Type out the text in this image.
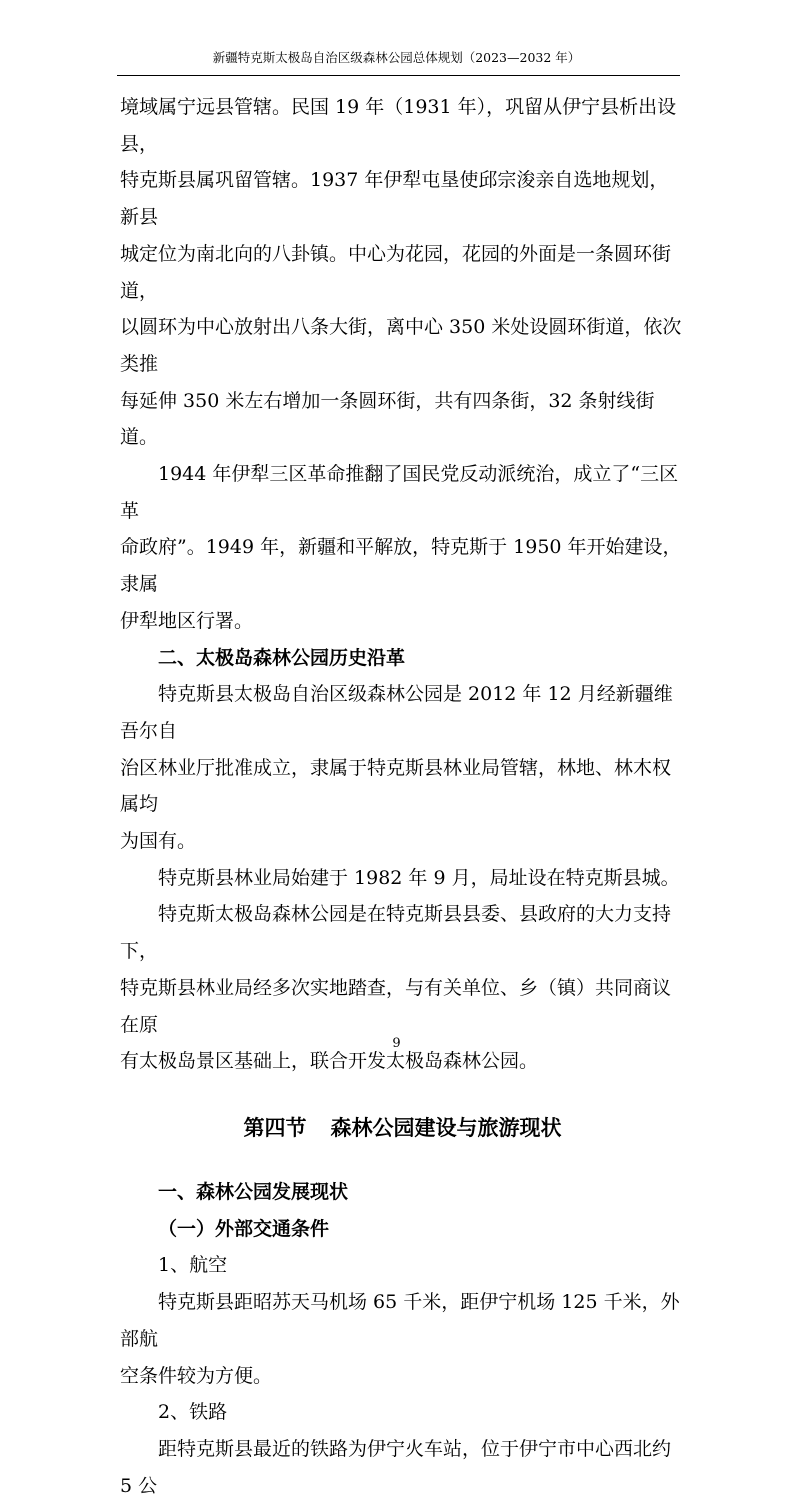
新疆特克斯太极岛自治区级森林公园总体规划（2023—2032 年）

境域属宁远县管辖。民国 19 年（1931 年），巩留从伊宁县析出设县，

特克斯县属巩留管辖。1937 年伊犁屯垦使邱宗浚亲自选地规划，新县

城定位为南北向的八卦镇。中心为花园，花园的外面是一条圆环街道，

以圆环为中心放射出八条大街，离中心 350 米处设圆环街道，依次类推

每延伸 350 米左右增加一条圆环街，共有四条街，32 条射线街道。

1944 年伊犁三区革命推翻了国民党反动派统治，成立了“三区革

命政府”。1949 年，新疆和平解放，特克斯于 1950 年开始建设，隶属

伊犁地区行署。

二、太极岛森林公园历史沿革

特克斯县太极岛自治区级森林公园是 2012 年 12 月经新疆维吾尔自

治区林业厅批准成立，隶属于特克斯县林业局管辖，林地、林木权属均

为国有。

特克斯县林业局始建于 1982 年 9 月，局址设在特克斯县城。

特克斯太极岛森林公园是在特克斯县县委、县政府的大力支持下，

特克斯县林业局经多次实地踏查，与有关单位、乡（镇）共同商议在原

有太极岛景区基础上，联合开发太极岛森林公园。

第四节 森林公园建设与旅游现状

一、森林公园发展现状

（一）外部交通条件

1、航空

特克斯县距昭苏天马机场 65 千米，距伊宁机场 125 千米，外部航

空条件较为方便。

2、铁路

距特克斯县最近的铁路为伊宁火车站，位于伊宁市中心西北约 5 公

9
